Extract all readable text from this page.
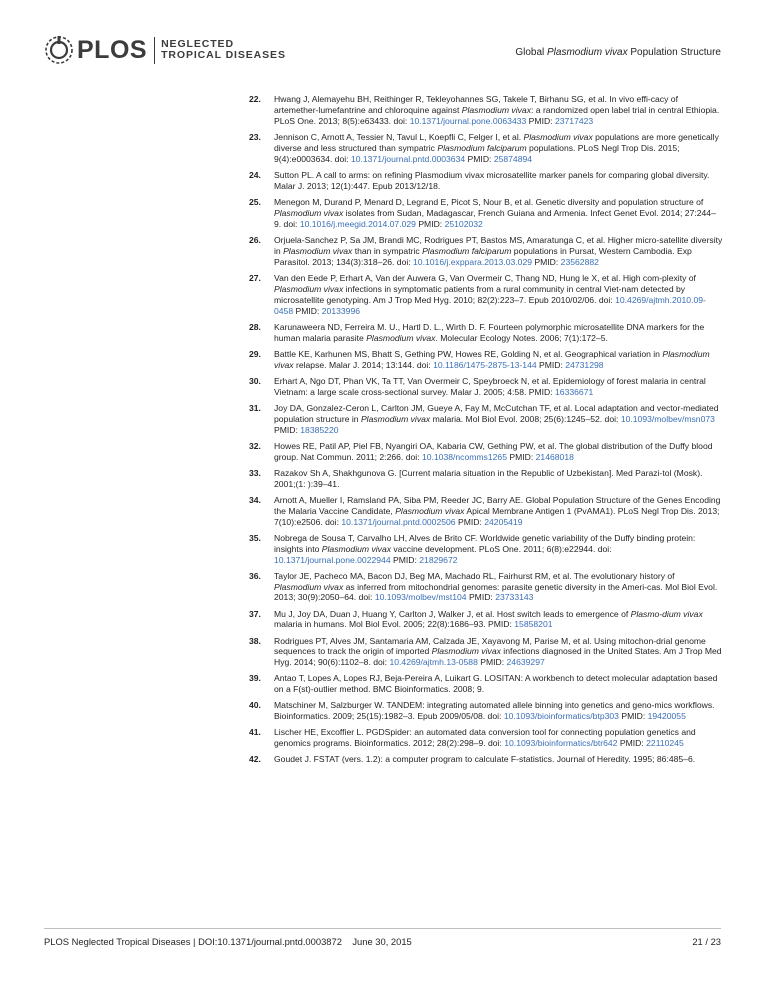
PLOS NEGLECTED
TROPICAL DISEASES	Global Plasmodium vivax Population Structure
22. Hwang J, Alemayehu BH, Reithinger R, Tekleyohannes SG, Takele T, Birhanu SG, et al. In vivo effi-cacy of artemether-lumefantrine and chloroquine against Plasmodium vivax: a randomized open label trial in central Ethiopia. PLoS One. 2013; 8(5):e63433. doi: 10.1371/journal.pone.0063433 PMID: 23717423
23. Jennison C, Arnott A, Tessier N, Tavul L, Koepfli C, Felger I, et al. Plasmodium vivax populations are more genetically diverse and less structured than sympatric Plasmodium falciparum populations. PLoS Negl Trop Dis. 2015; 9(4):e0003634. doi: 10.1371/journal.pntd.0003634 PMID: 25874894
24. Sutton PL. A call to arms: on refining Plasmodium vivax microsatellite marker panels for comparing global diversity. Malar J. 2013; 12(1):447. Epub 2013/12/18.
25. Menegon M, Durand P, Menard D, Legrand E, Picot S, Nour B, et al. Genetic diversity and population structure of Plasmodium vivax isolates from Sudan, Madagascar, French Guiana and Armenia. Infect Genet Evol. 2014; 27:244–9. doi: 10.1016/j.meegid.2014.07.029 PMID: 25102032
26. Orjuela-Sanchez P, Sa JM, Brandi MC, Rodrigues PT, Bastos MS, Amaratunga C, et al. Higher micro-satellite diversity in Plasmodium vivax than in sympatric Plasmodium falciparum populations in Pursat, Western Cambodia. Exp Parasitol. 2013; 134(3):318–26. doi: 10.1016/j.exppara.2013.03.029 PMID: 23562882
27. Van den Eede P, Erhart A, Van der Auwera G, Van Overmeir C, Thang ND, Hung le X, et al. High com-plexity of Plasmodium vivax infections in symptomatic patients from a rural community in central Viet-nam detected by microsatellite genotyping. Am J Trop Med Hyg. 2010; 82(2):223–7. Epub 2010/02/06. doi: 10.4269/ajtmh.2010.09-0458 PMID: 20133996
28. Karunaweera ND, Ferreira M. U., Hartl D. L., Wirth D. F. Fourteen polymorphic microsatellite DNA markers for the human malaria parasite Plasmodium vivax. Molecular Ecology Notes. 2006; 7(1):172–5.
29. Battle KE, Karhunen MS, Bhatt S, Gething PW, Howes RE, Golding N, et al. Geographical variation in Plasmodium vivax relapse. Malar J. 2014; 13:144. doi: 10.1186/1475-2875-13-144 PMID: 24731298
30. Erhart A, Ngo DT, Phan VK, Ta TT, Van Overmeir C, Speybroeck N, et al. Epidemiology of forest malaria in central Vietnam: a large scale cross-sectional survey. Malar J. 2005; 4:58. PMID: 16336671
31. Joy DA, Gonzalez-Ceron L, Carlton JM, Gueye A, Fay M, McCutchan TF, et al. Local adaptation and vector-mediated population structure in Plasmodium vivax malaria. Mol Biol Evol. 2008; 25(6):1245–52. doi: 10.1093/molbev/msn073 PMID: 18385220
32. Howes RE, Patil AP, Piel FB, Nyangiri OA, Kabaria CW, Gething PW, et al. The global distribution of the Duffy blood group. Nat Commun. 2011; 2:266. doi: 10.1038/ncomms1265 PMID: 21468018
33. Razakov Sh A, Shakhgunova G. [Current malaria situation in the Republic of Uzbekistan]. Med Parazi-tol (Mosk). 2001;(1: ):39–41.
34. Arnott A, Mueller I, Ramsland PA, Siba PM, Reeder JC, Barry AE. Global Population Structure of the Genes Encoding the Malaria Vaccine Candidate, Plasmodium vivax Apical Membrane Antigen 1 (PvAMA1). PLoS Negl Trop Dis. 2013; 7(10):e2506. doi: 10.1371/journal.pntd.0002506 PMID: 24205419
35. Nobrega de Sousa T, Carvalho LH, Alves de Brito CF. Worldwide genetic variability of the Duffy binding protein: insights into Plasmodium vivax vaccine development. PLoS One. 2011; 6(8):e22944. doi: 10.1371/journal.pone.0022944 PMID: 21829672
36. Taylor JE, Pacheco MA, Bacon DJ, Beg MA, Machado RL, Fairhurst RM, et al. The evolutionary history of Plasmodium vivax as inferred from mitochondrial genomes: parasite genetic diversity in the Ameri-cas. Mol Biol Evol. 2013; 30(9):2050–64. doi: 10.1093/molbev/mst104 PMID: 23733143
37. Mu J, Joy DA, Duan J, Huang Y, Carlton J, Walker J, et al. Host switch leads to emergence of Plasmo-dium vivax malaria in humans. Mol Biol Evol. 2005; 22(8):1686–93. PMID: 15858201
38. Rodrigues PT, Alves JM, Santamaria AM, Calzada JE, Xayavong M, Parise M, et al. Using mitochon-drial genome sequences to track the origin of imported Plasmodium vivax infections diagnosed in the United States. Am J Trop Med Hyg. 2014; 90(6):1102–8. doi: 10.4269/ajtmh.13-0588 PMID: 24639297
39. Antao T, Lopes A, Lopes RJ, Beja-Pereira A, Luikart G. LOSITAN: A workbench to detect molecular adaptation based on a F(st)-outlier method. BMC Bioinformatics. 2008; 9.
40. Matschiner M, Salzburger W. TANDEM: integrating automated allele binning into genetics and geno-mics workflows. Bioinformatics. 2009; 25(15):1982–3. Epub 2009/05/08. doi: 10.1093/bioinformatics/btp303 PMID: 19420055
41. Lischer HE, Excoffier L. PGDSpider: an automated data conversion tool for connecting population genetics and genomics programs. Bioinformatics. 2012; 28(2):298–9. doi: 10.1093/bioinformatics/btr642 PMID: 22110245
42. Goudet J. FSTAT (vers. 1.2): a computer program to calculate F-statistics. Journal of Heredity. 1995; 86:485–6.
PLOS Neglected Tropical Diseases | DOI:10.1371/journal.pntd.0003872    June 30, 2015	21 / 23
